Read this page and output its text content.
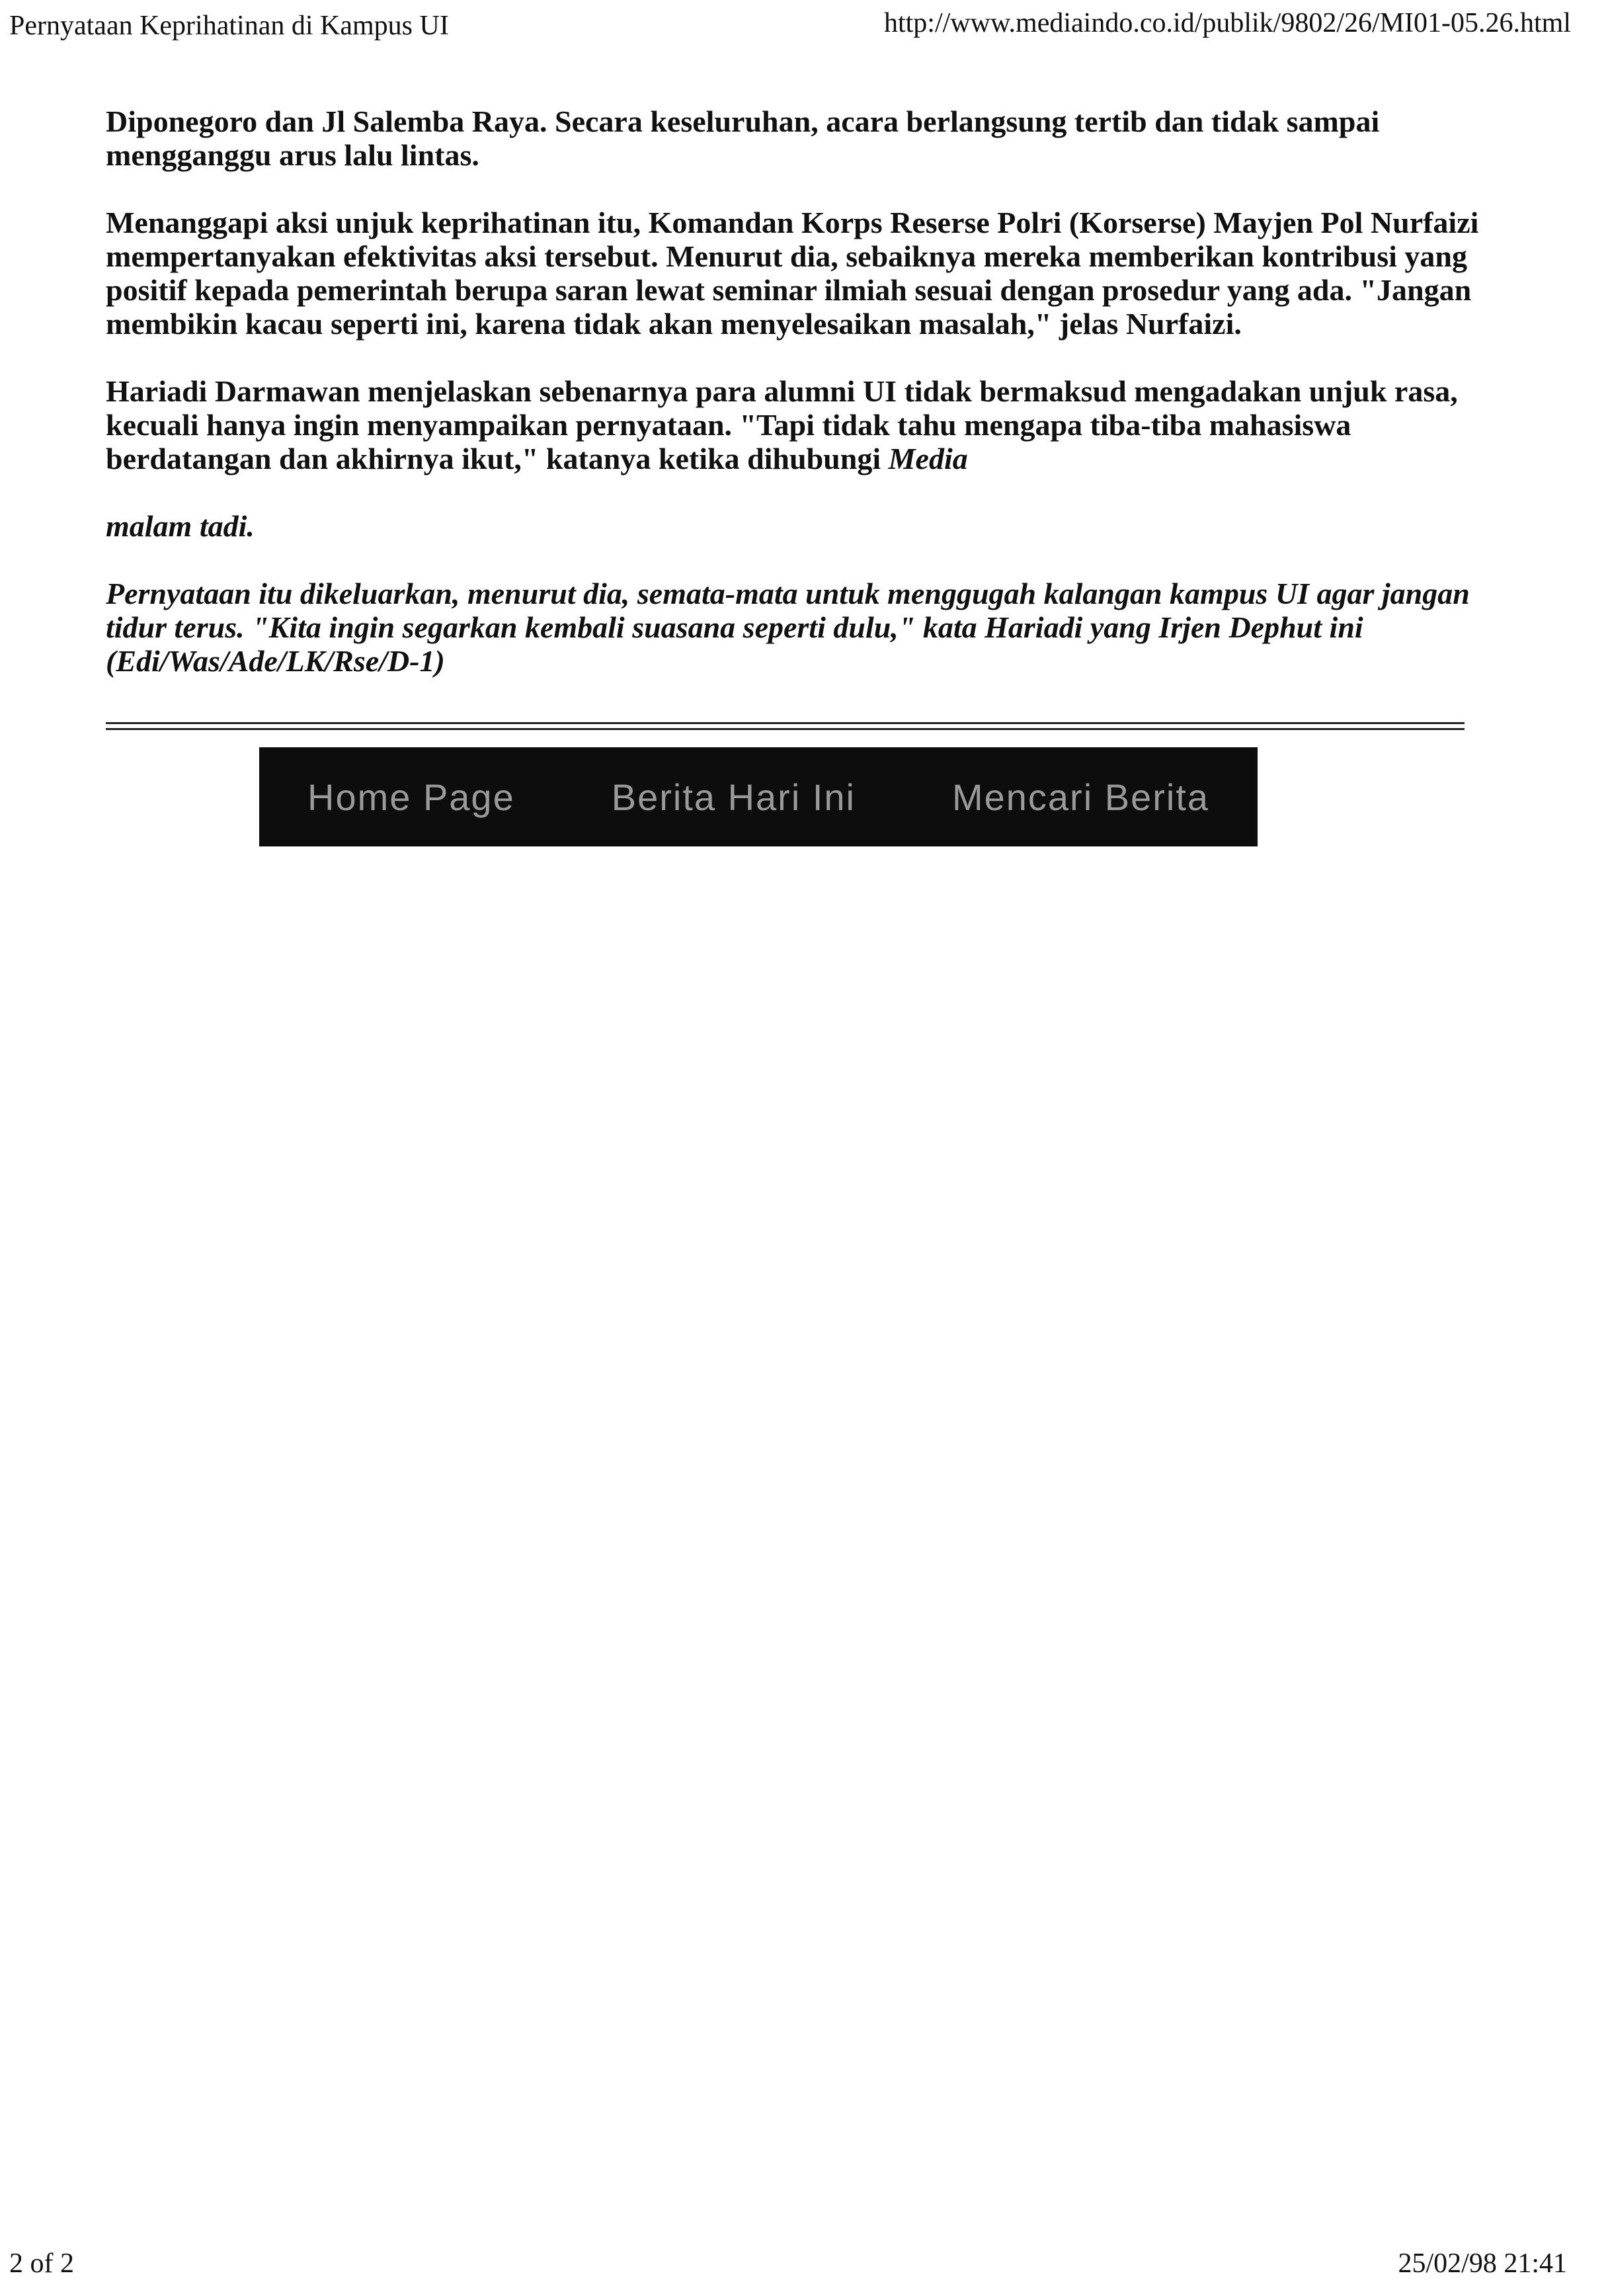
Pernyataan Keprihatinan di Kampus UI	http://www.mediaindo.co.id/publik/9802/26/MI01-05.26.html

Diponegoro dan Jl Salemba Raya. Secara keseluruhan, acara berlangsung tertib dan tidak sampai mengganggu arus lalu lintas.

Menanggapi aksi unjuk keprihatinan itu, Komandan Korps Reserse Polri (Korserse) Mayjen Pol Nurfaizi mempertanyakan efektivitas aksi tersebut. Menurut dia, sebaiknya mereka memberikan kontribusi yang positif kepada pemerintah berupa saran lewat seminar ilmiah sesuai dengan prosedur yang ada. "Jangan membikin kacau seperti ini, karena tidak akan menyelesaikan masalah," jelas Nurfaizi.

Hariadi Darmawan menjelaskan sebenarnya para alumni UI tidak bermaksud mengadakan unjuk rasa, kecuali hanya ingin menyampaikan pernyataan. "Tapi tidak tahu mengapa tiba-tiba mahasiswa berdatangan dan akhirnya ikut," katanya ketika dihubungi Media

malam tadi.

Pernyataan itu dikeluarkan, menurut dia, semata-mata untuk menggugah kalangan kampus UI agar jangan tidur terus. "Kita ingin segarkan kembali suasana seperti dulu," kata Hariadi yang Irjen Dephut ini (Edi/Was/Ade/LK/Rse/D-1)

Home Page	Berita Hari Ini	Mencari Berita
2 of 2	25/02/98 21:41
